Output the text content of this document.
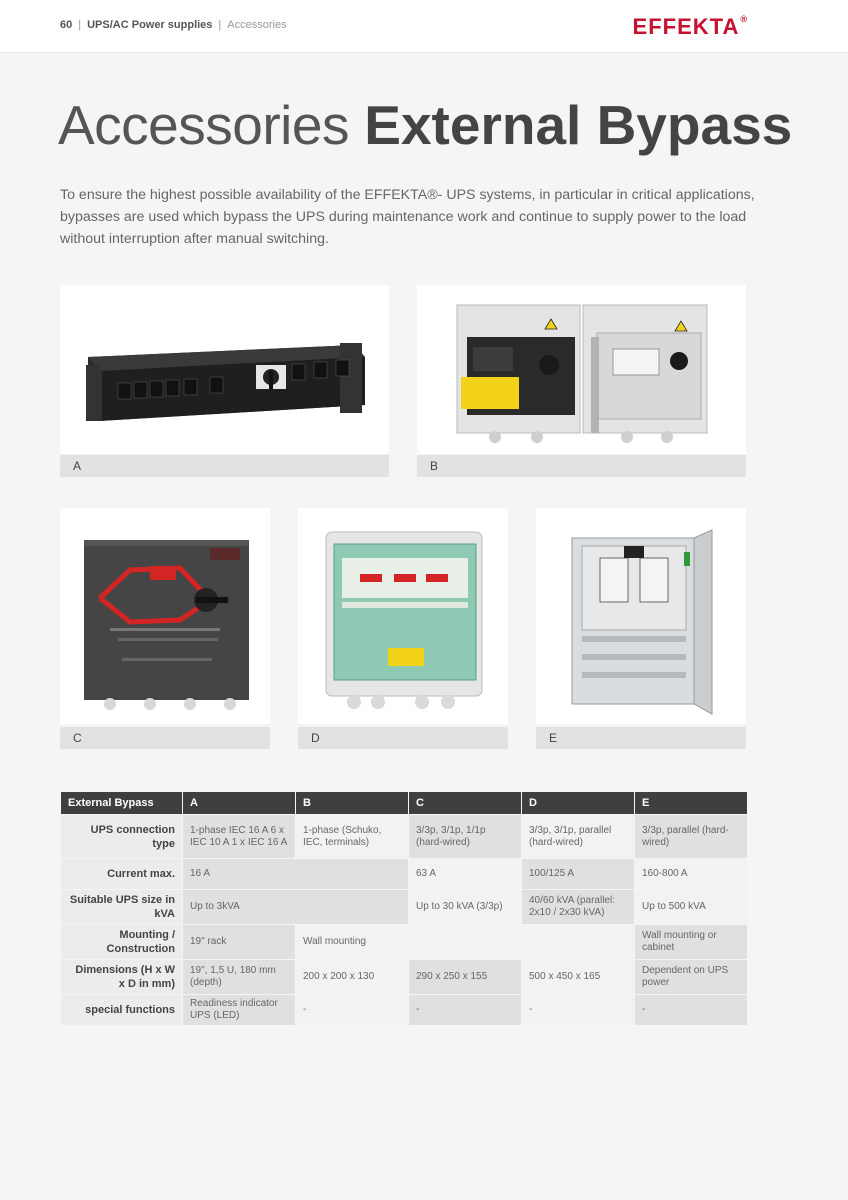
60 | UPS/AC Power supplies | Accessories	EFFEKTA®
Accessories External Bypass

To ensure the highest possible availability of the EFFEKTA®- UPS systems, in particular in critical applications, bypasses are used which bypass the UPS during maintenance work and continue to supply power to the load without interruption after manual switching.

A	B
C	D	E
External Bypass	A	B	C	D	E
UPS connection type	1-phase IEC 16 A 6 x IEC 10 A 1 x IEC 16 A	1-phase (Schuko, IEC, terminals)	3/3p, 3/1p, 1/1p (hard-wired)	3/3p, 3/1p, parallel (hard-wired)	3/3p, parallel (hard-wired)
Current max.	16 A		63 A	100/125 A	160-800 A
Suitable UPS size in kVA	Up to 3kVA		Up to 30 kVA (3/3p)	40/60 kVA (parallel: 2x10 / 2x30 kVA)	Up to 500 kVA
Mounting / Construction	19" rack	Wall mounting			Wall mounting or cabinet
Dimensions (H x W x D in mm)	19", 1,5 U, 180 mm (depth)	200 x 200 x 130	290 x 250 x 155	500 x 450 x 165	Dependent on UPS power
special functions	Readiness indicator UPS (LED)	-	-	-	-
